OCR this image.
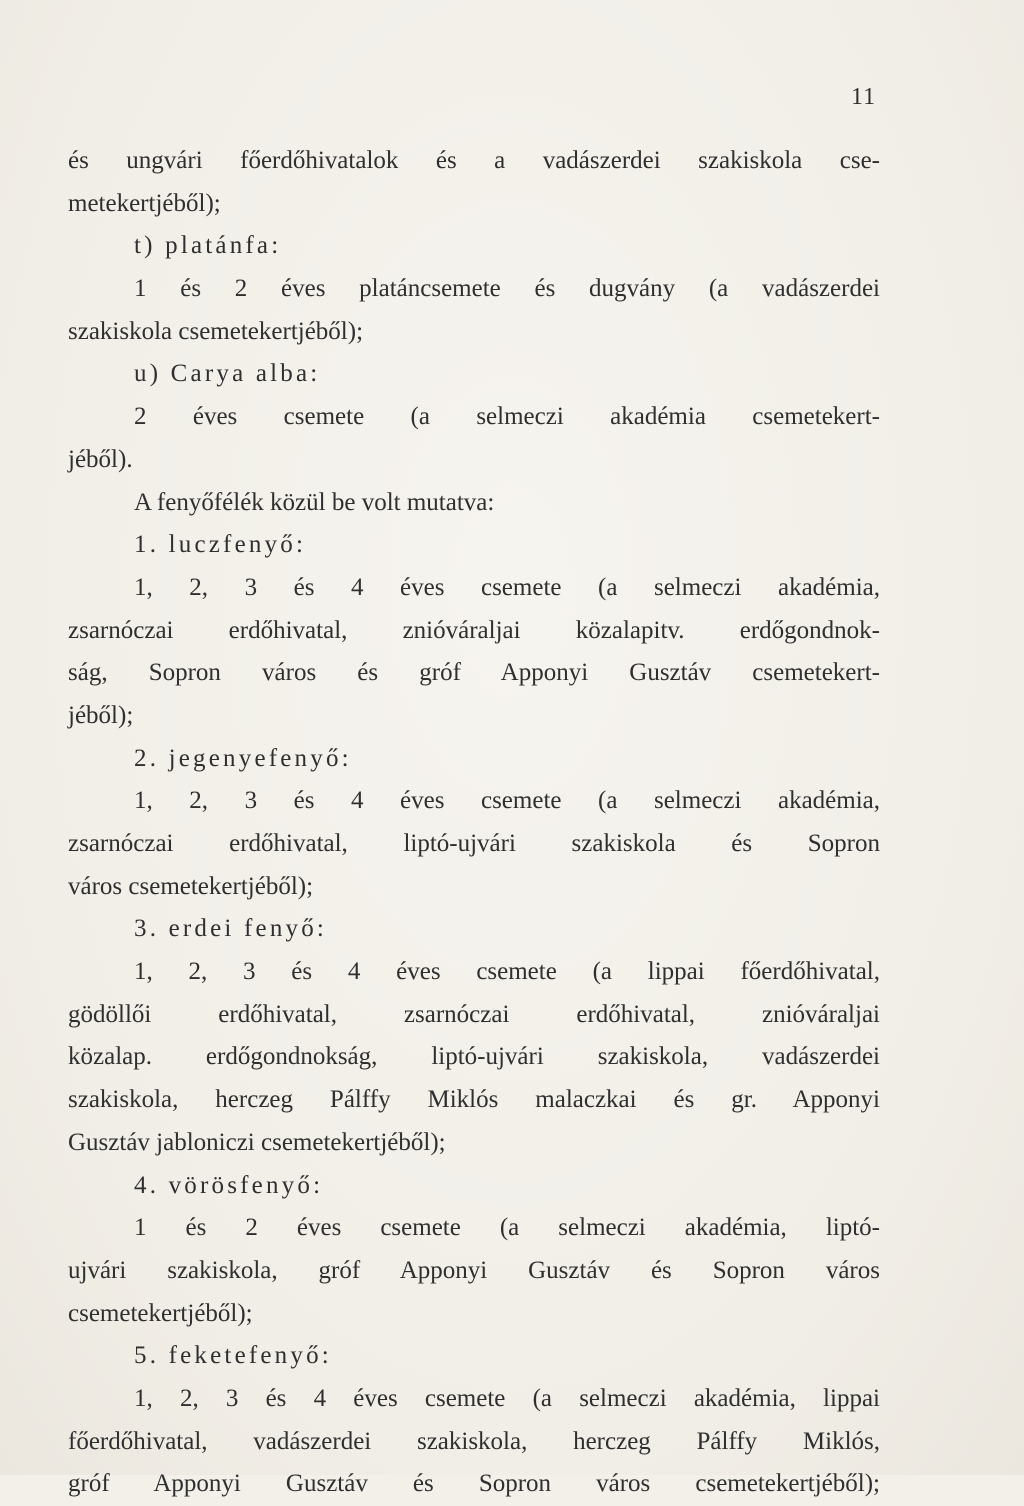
11
és ungvári főerdőhivatalok és a vadászerdei szakiskola cse-
metekertjéből);
t) platánfa:
1 és 2 éves platáncsemete és dugvány (a vadászerdei
szakiskola csemetekertjéből);
u) Carya alba:
2 éves csemete (a selmeczi akadémia csemetekert-
jéből).
A fenyőfélék közül be volt mutatva:
1. luczfenyő:
1, 2, 3 és 4 éves csemete (a selmeczi akadémia,
zsarnóczai erdőhivatal, znióváraljai közalapitv. erdőgondnok-
ság, Sopron város és gróf Apponyi Gusztáv csemetekert-
jéből);
2. jegenyefenyő:
1, 2, 3 és 4 éves csemete (a selmeczi akadémia,
zsarnóczai erdőhivatal, liptó-ujvári szakiskola és Sopron
város csemetekertjéből);
3. erdei fenyő:
1, 2, 3 és 4 éves csemete (a lippai főerdőhivatal,
gödöllői erdőhivatal, zsarnóczai erdőhivatal, znióváraljai
közalap. erdőgondnokság, liptó-ujvári szakiskola, vadászerdei
szakiskola, herczeg Pálffy Miklós malaczkai és gr. Apponyi
Gusztáv jabloniczi csemetekertjéből);
4. vörösfenyő:
1 és 2 éves csemete (a selmeczi akadémia, liptó-
ujvári szakiskola, gróf Apponyi Gusztáv és Sopron város
csemetekertjéből);
5. feketefenyő:
1, 2, 3 és 4 éves csemete (a selmeczi akadémia, lippai
főerdőhivatal, vadászerdei szakiskola, herczeg Pálffy Miklós,
gróf Apponyi Gusztáv és Sopron város csemetekertjéből);
